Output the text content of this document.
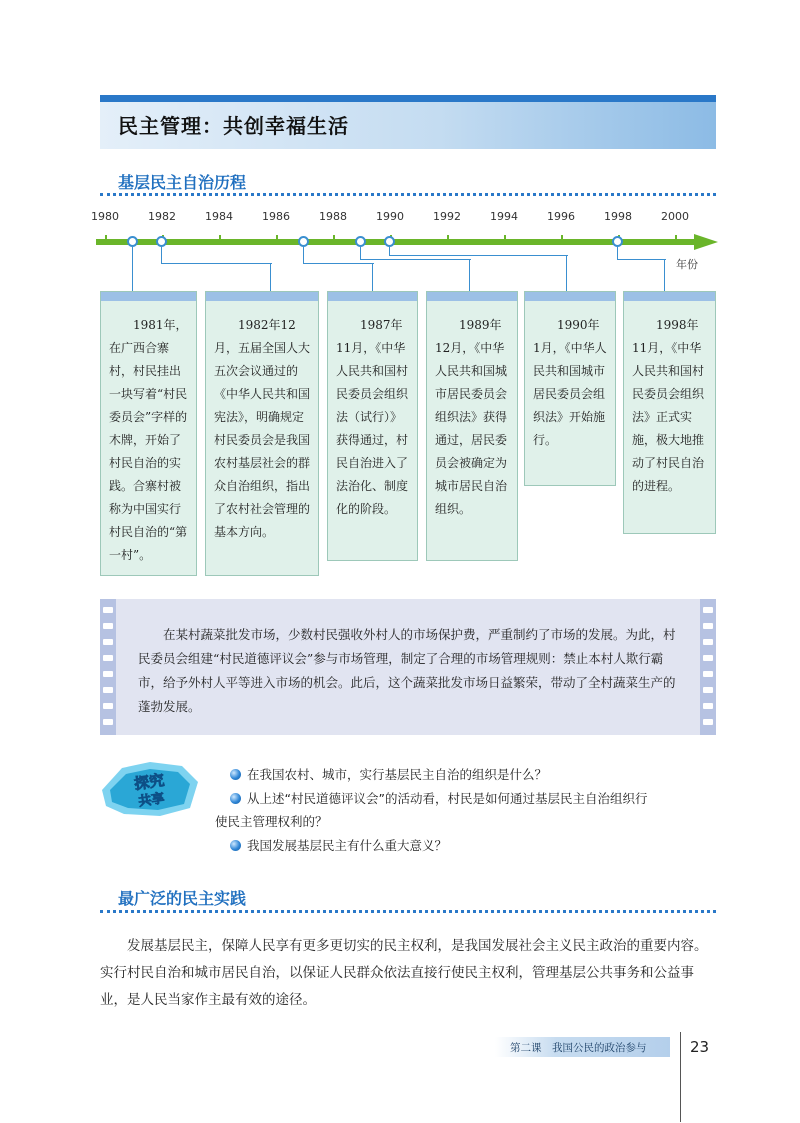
民主管理：共创幸福生活
基层民主自治历程
1980	1982	1984	1986	1988	1990	1992	1994	1996	1998	2000
年份
1981年，在广西合寨村，村民挂出一块写着“村民委员会”字样的木牌，开始了村民自治的实践。合寨村被称为中国实行村民自治的“第一村”。
1982年12月，五届全国人大五次会议通过的《中华人民共和国宪法》，明确规定村民委员会是我国农村基层社会的群众自治组织，指出了农村社会管理的基本方向。
1987年11月，《中华人民共和国村民委员会组织法（试行）》获得通过，村民自治进入了法治化、制度化的阶段。
1989年12月，《中华人民共和国城市居民委员会组织法》获得通过，居民委员会被确定为城市居民自治组织。
1990年1月，《中华人民共和国城市居民委员会组织法》开始施行。
1998年11月，《中华人民共和国村民委员会组织法》正式实施，极大地推动了村民自治的进程。
在某村蔬菜批发市场，少数村民强收外村人的市场保护费，严重制约了市场的发展。为此，村民委员会组建“村民道德评议会”参与市场管理，制定了合理的市场管理规则：禁止本村人欺行霸市，给予外村人平等进入市场的机会。此后，这个蔬菜批发市场日益繁荣，带动了全村蔬菜生产的蓬勃发展。
探究
共享
在我国农村、城市，实行基层民主自治的组织是什么？
从上述“村民道德评议会”的活动看，村民是如何通过基层民主自治组织行
使民主管理权利的？
我国发展基层民主有什么重大意义？
最广泛的民主实践
发展基层民主，保障人民享有更多更切实的民主权利，是我国发展社会主义民主政治的重要内容。实行村民自治和城市居民自治，以保证人民群众依法直接行使民主权利，管理基层公共事务和公益事业，是人民当家作主最有效的途径。
第二课　我国公民的政治参与	23
